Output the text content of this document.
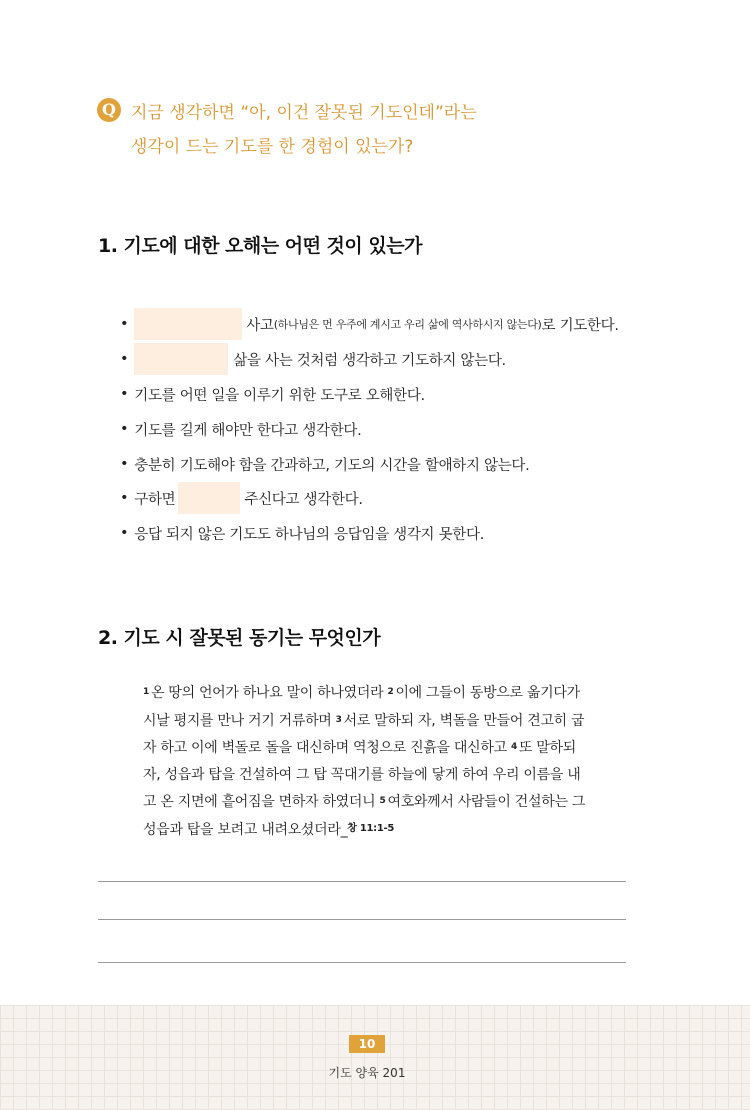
Q 지금 생각하면 “아, 이건 잘못된 기도인데”라는
생각이 드는 기도를 한 경험이 있는가?
1. 기도에 대한 오해는 어떤 것이 있는가
•	사고 (하나님은 먼 우주에 계시고 우리 삶에 역사하시지 않는다) 로 기도한다.
•	삶을 사는 것처럼 생각하고 기도하지 않는다.
• 기도를 어떤 일을 이루기 위한 도구로 오해한다.
• 기도를 길게 해야만 한다고 생각한다.
• 충분히 기도해야 함을 간과하고, 기도의 시간을 할애하지 않는다.
• 구하면	주신다고 생각한다.
• 응답 되지 않은 기도도 하나님의 응답임을 생각지 못한다.
2. 기도 시 잘못된 동기는 무엇인가
$^1$ 온 땅의 언어가 하나요 말이 하나였더라 $^2$ 이에 그들이 동방으로 옮기다가 시날 평지를 만나 거기 거류하며 $^3$ 서로 말하되 자, 벽돌을 만들어 견고히 굽자 하고 이에 벽돌로 돌을 대신하며 역청으로 진흙을 대신하고 $^4$ 또 말하되 자, 성읍과 탑을 건설하여 그 탑 꼭대기를 하늘에 닿게 하여 우리 이름을 내고 온 지면에 흩어짐을 면하자 하였더니 $^5$ 여호와께서 사람들이 건설하는 그 성읍과 탑을 보려고 내려오셨더라_$^{창 11:1-5}$
10
기도 양육 201
